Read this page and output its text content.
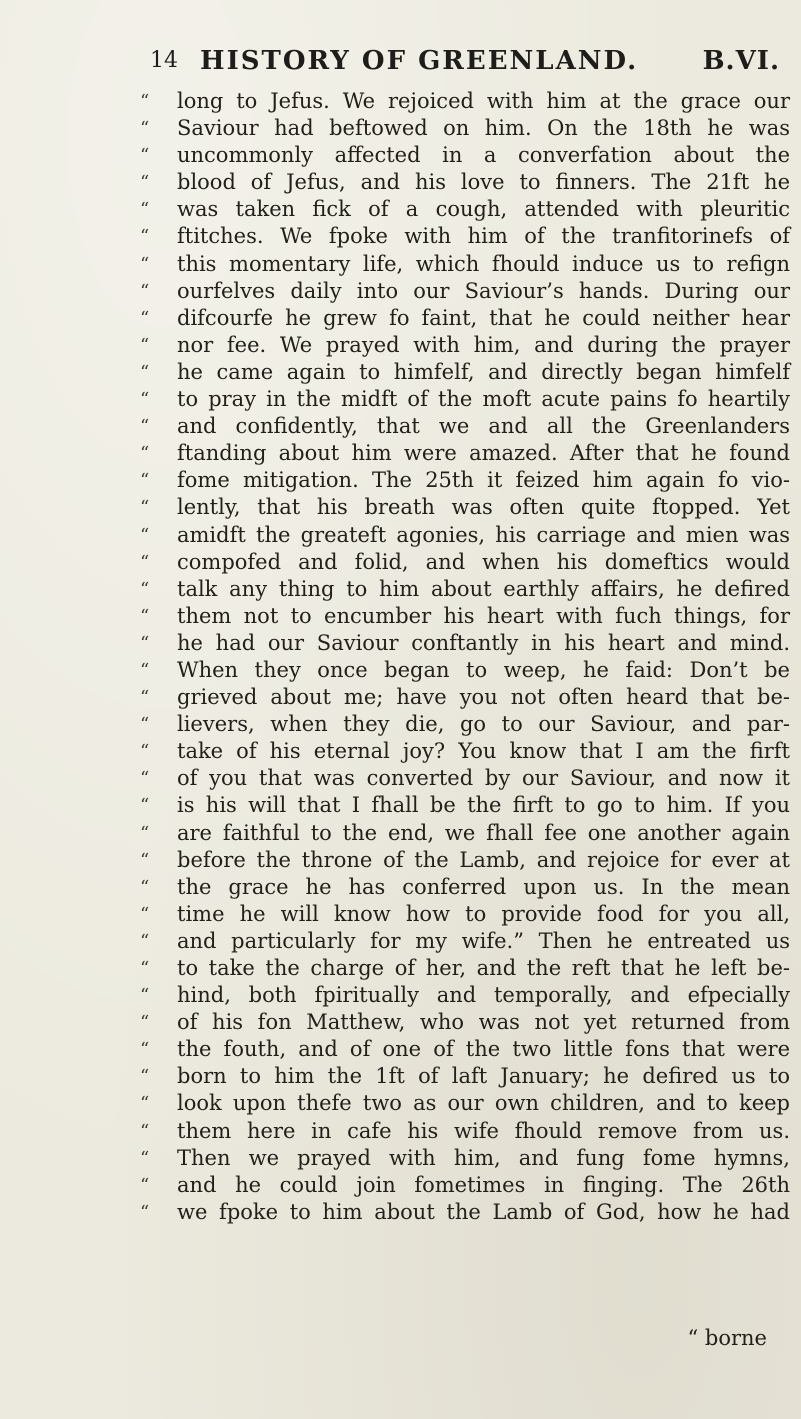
14 HISTORY OF GREENLAND. B.VI.
“	long to Jefus. We rejoiced with him at the grace our
“	Saviour had beftowed on him. On the 18th he was
“	uncommonly affected in a converfation about the
“	blood of Jefus, and his love to finners. The 21ft he
“	was taken fick of a cough, attended with pleuritic
“	ftitches. We fpoke with him of the tranfitorinefs of
“	this momentary life, which fhould induce us to refign
“	ourfelves daily into our Saviour’s hands. During our
“	difcourfe he grew fo faint, that he could neither hear
“	nor fee. We prayed with him, and during the prayer
“	he came again to himfelf, and directly began himfelf
“	to pray in the midft of the moft acute pains fo heartily
“	and confidently, that we and all the Greenlanders
“	ftanding about him were amazed. After that he found
“	fome mitigation. The 25th it feized him again fo vio-
“	lently, that his breath was often quite ftopped. Yet
“	amidft the greateft agonies, his carriage and mien was
“	compofed and folid, and when his domeftics would
“	talk any thing to him about earthly affairs, he defired
“	them not to encumber his heart with fuch things, for
“	he had our Saviour conftantly in his heart and mind.
“	When they once began to weep, he faid: Don’t be
“	grieved about me; have you not often heard that be-
“	lievers, when they die, go to our Saviour, and par-
“	take of his eternal joy? You know that I am the firft
“	of you that was converted by our Saviour, and now it
“	is his will that I fhall be the firft to go to him. If you
“	are faithful to the end, we fhall fee one another again
“	before the throne of the Lamb, and rejoice for ever at
“	the grace he has conferred upon us. In the mean
“	time he will know how to provide food for you all,
“	and particularly for my wife.” Then he entreated us
“	to take the charge of her, and the reft that he left be-
“	hind, both fpiritually and temporally, and efpecially
“	of his fon Matthew, who was not yet returned from
“	the fouth, and of one of the two little fons that were
“	born to him the 1ft of laft January; he defired us to
“	look upon thefe two as our own children, and to keep
“	them here in cafe his wife fhould remove from us.
“	Then we prayed with him, and fung fome hymns,
“	and he could join fometimes in finging. The 26th
“	we fpoke to him about the Lamb of God, how he had
“ borne
